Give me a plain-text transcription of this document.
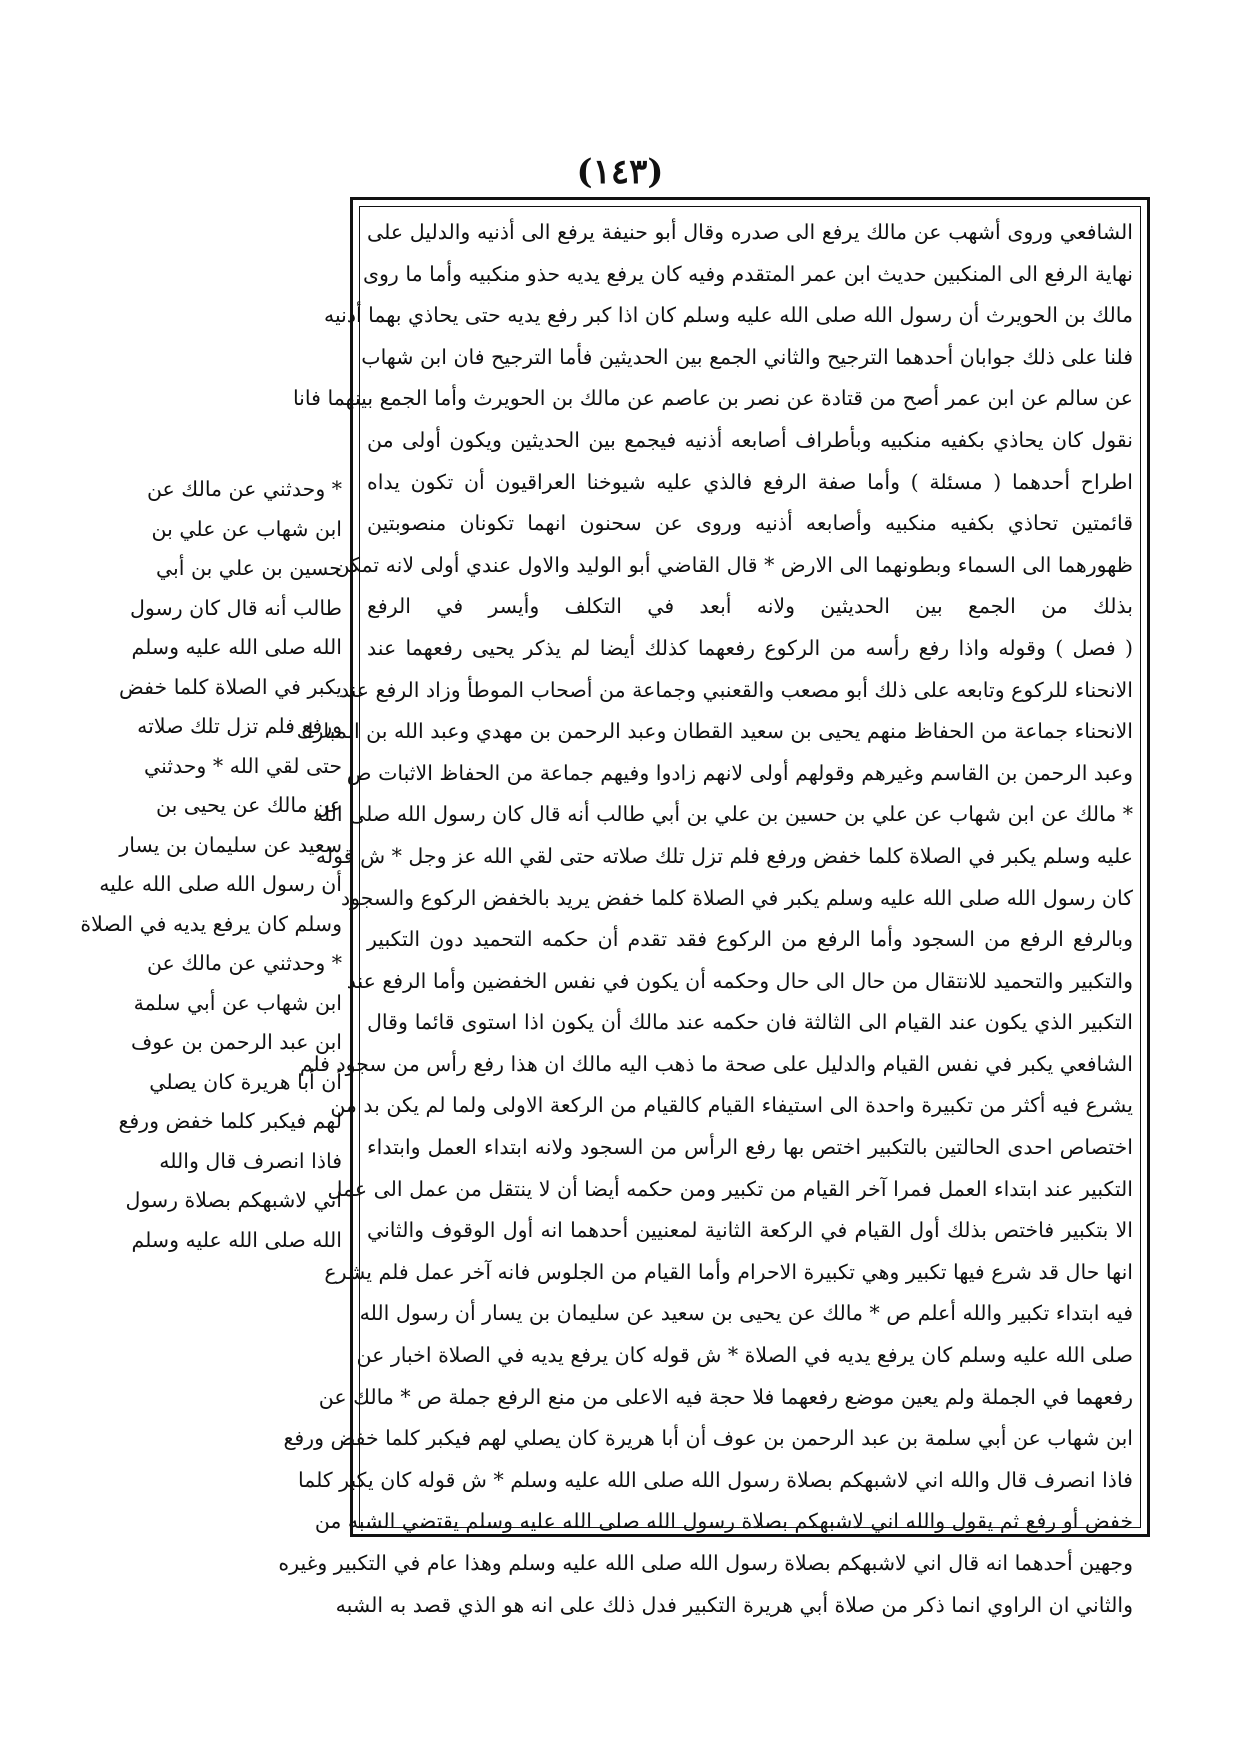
(١٤٣)
* وحدثني عن مالك عن
ابن شهاب عن علي بن
حسين بن علي بن أبي
طالب أنه قال كان رسول
الله صلى الله عليه وسلم
يكبر في الصلاة كلما خفض
ورفع فلم تزل تلك صلاته
حتى لقي الله * وحدثني
عن مالك عن يحيى بن
سعيد عن سليمان بن يسار
أن رسول الله صلى الله عليه
وسلم كان يرفع يديه في الصلاة
* وحدثني عن مالك عن
ابن شهاب عن أبي سلمة
ابن عبد الرحمن بن عوف
أن أبا هريرة كان يصلي
لهم فيكبر كلما خفض ورفع
فاذا انصرف قال والله
اني لاشبهكم بصلاة رسول
الله صلى الله عليه وسلم
الشافعي وروى أشهب عن مالك يرفع الى صدره وقال أبو حنيفة يرفع الى أذنيه والدليل على
نهاية الرفع الى المنكبين حديث ابن عمر المتقدم وفيه كان يرفع يديه حذو منكبيه وأما ما روى
مالك بن الحويرث أن رسول الله صلى الله عليه وسلم كان اذا كبر رفع يديه حتى يحاذي بهما أذنيه
فلنا على ذلك جوابان أحدهما الترجيح والثاني الجمع بين الحديثين فأما الترجيح فان ابن شهاب
عن سالم عن ابن عمر أصح من قتادة عن نصر بن عاصم عن مالك بن الحويرث وأما الجمع بينهما فانا
نقول كان يحاذي بكفيه منكبيه وبأطراف أصابعه أذنيه فيجمع بين الحديثين ويكون أولى من
اطراح أحدهما ( مسئلة ) وأما صفة الرفع فالذي عليه شيوخنا العراقيون أن تكون يداه
قائمتين تحاذي بكفيه منكبيه وأصابعه أذنيه وروى عن سحنون انهما تكونان منصوبتين
ظهورهما الى السماء وبطونهما الى الارض * قال القاضي أبو الوليد والاول عندي أولى لانه تمكن
بذلك من الجمع بين الحديثين ولانه أبعد في التكلف وأيسر في الرفع
( فصل ) وقوله واذا رفع رأسه من الركوع رفعهما كذلك أيضا لم يذكر يحيى رفعهما عند
الانحناء للركوع وتابعه على ذلك أبو مصعب والقعنبي وجماعة من أصحاب الموطأ وزاد الرفع عند
الانحناء جماعة من الحفاظ منهم يحيى بن سعيد القطان وعبد الرحمن بن مهدي وعبد الله بن المبارك
وعبد الرحمن بن القاسم وغيرهم وقولهم أولى لانهم زادوا وفيهم جماعة من الحفاظ الاثبات ص
* مالك عن ابن شهاب عن علي بن حسين بن علي بن أبي طالب أنه قال كان رسول الله صلى الله
عليه وسلم يكبر في الصلاة كلما خفض ورفع فلم تزل تلك صلاته حتى لقي الله عز وجل * ش قوله
كان رسول الله صلى الله عليه وسلم يكبر في الصلاة كلما خفض يريد بالخفض الركوع والسجود
وبالرفع الرفع من السجود وأما الرفع من الركوع فقد تقدم أن حكمه التحميد دون التكبير
والتكبير والتحميد للانتقال من حال الى حال وحكمه أن يكون في نفس الخفضين وأما الرفع عند
التكبير الذي يكون عند القيام الى الثالثة فان حكمه عند مالك أن يكون اذا استوى قائما وقال
الشافعي يكبر في نفس القيام والدليل على صحة ما ذهب اليه مالك ان هذا رفع رأس من سجود فلم
يشرع فيه أكثر من تكبيرة واحدة الى استيفاء القيام كالقيام من الركعة الاولى ولما لم يكن بد من
اختصاص احدى الحالتين بالتكبير اختص بها رفع الرأس من السجود ولانه ابتداء العمل وابتداء
التكبير عند ابتداء العمل فمرا آخر القيام من تكبير ومن حكمه أيضا أن لا ينتقل من عمل الى عمل
الا بتكبير فاختص بذلك أول القيام في الركعة الثانية لمعنيين أحدهما انه أول الوقوف والثاني
انها حال قد شرع فيها تكبير وهي تكبيرة الاحرام وأما القيام من الجلوس فانه آخر عمل فلم يشرع
فيه ابتداء تكبير والله أعلم ص * مالك عن يحيى بن سعيد عن سليمان بن يسار أن رسول الله
صلى الله عليه وسلم كان يرفع يديه في الصلاة * ش قوله كان يرفع يديه في الصلاة اخبار عن
رفعهما في الجملة ولم يعين موضع رفعهما فلا حجة فيه الاعلى من منع الرفع جملة ص * مالك عن
ابن شهاب عن أبي سلمة بن عبد الرحمن بن عوف أن أبا هريرة كان يصلي لهم فيكبر كلما خفض ورفع
فاذا انصرف قال والله اني لاشبهكم بصلاة رسول الله صلى الله عليه وسلم * ش قوله كان يكبر كلما
خفض أو رفع ثم يقول والله اني لاشبهكم بصلاة رسول الله صلى الله عليه وسلم يقتضي الشبه من
وجهين أحدهما انه قال اني لاشبهكم بصلاة رسول الله صلى الله عليه وسلم وهذا عام في التكبير وغيره
والثاني ان الراوي انما ذكر من صلاة أبي هريرة التكبير فدل ذلك على انه هو الذي قصد به الشبه
